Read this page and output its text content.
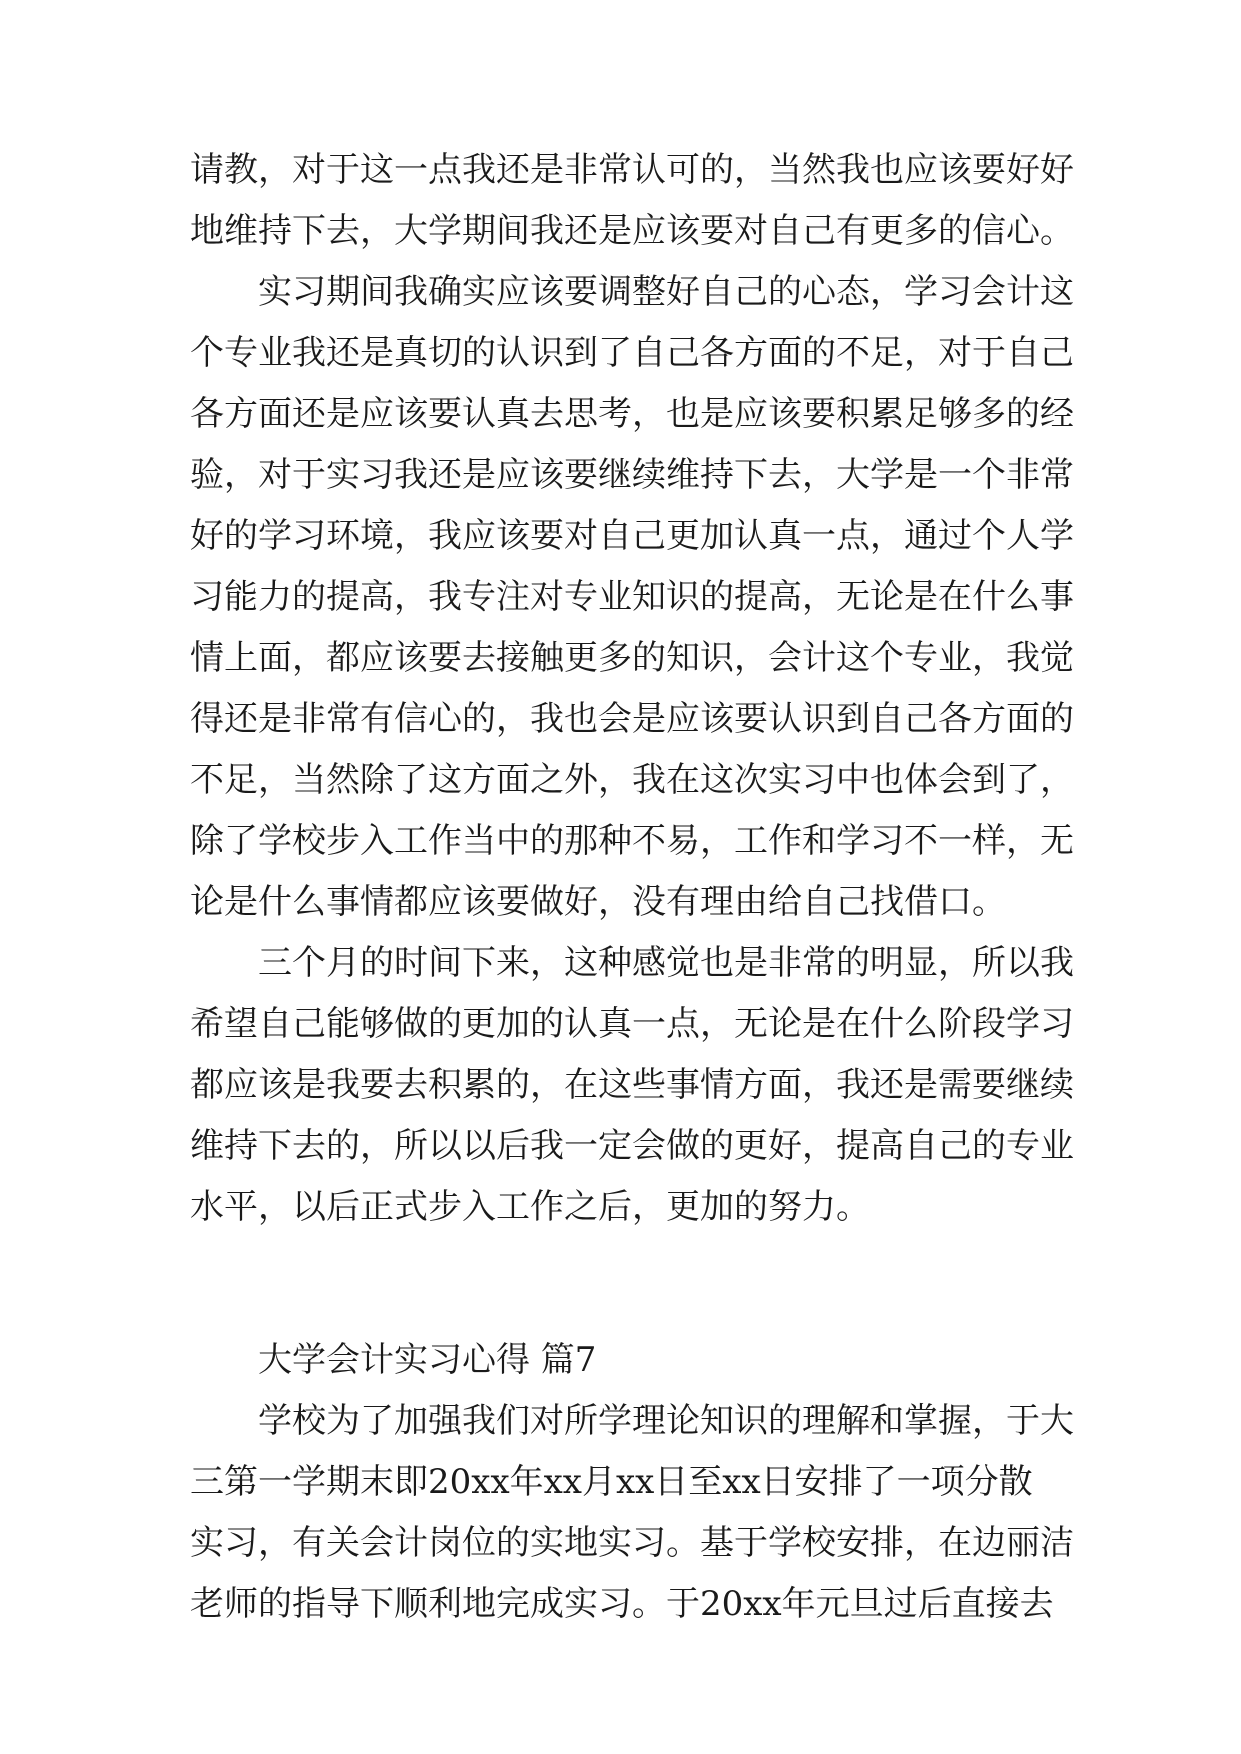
请教，对于这一点我还是非常认可的，当然我也应该要好好
地维持下去，大学期间我还是应该要对自己有更多的信心。
实习期间我确实应该要调整好自己的心态，学习会计这
个专业我还是真切的认识到了自己各方面的不足，对于自己
各方面还是应该要认真去思考，也是应该要积累足够多的经
验，对于实习我还是应该要继续维持下去，大学是一个非常
好的学习环境，我应该要对自己更加认真一点，通过个人学
习能力的提高，我专注对专业知识的提高，无论是在什么事
情上面，都应该要去接触更多的知识，会计这个专业，我觉
得还是非常有信心的，我也会是应该要认识到自己各方面的
不足，当然除了这方面之外，我在这次实习中也体会到了，
除了学校步入工作当中的那种不易，工作和学习不一样，无
论是什么事情都应该要做好，没有理由给自己找借口。
三个月的时间下来，这种感觉也是非常的明显，所以我
希望自己能够做的更加的认真一点，无论是在什么阶段学习
都应该是我要去积累的，在这些事情方面，我还是需要继续
维持下去的，所以以后我一定会做的更好，提高自己的专业
水平，以后正式步入工作之后，更加的努力。
大学会计实习心得 篇7
学校为了加强我们对所学理论知识的理解和掌握，于大
三第一学期末即20xx年xx月xx日至xx日安排了一项分散
实习，有关会计岗位的实地实习。基于学校安排，在边丽洁
老师的指导下顺利地完成实习。于20xx年元旦过后直接去
